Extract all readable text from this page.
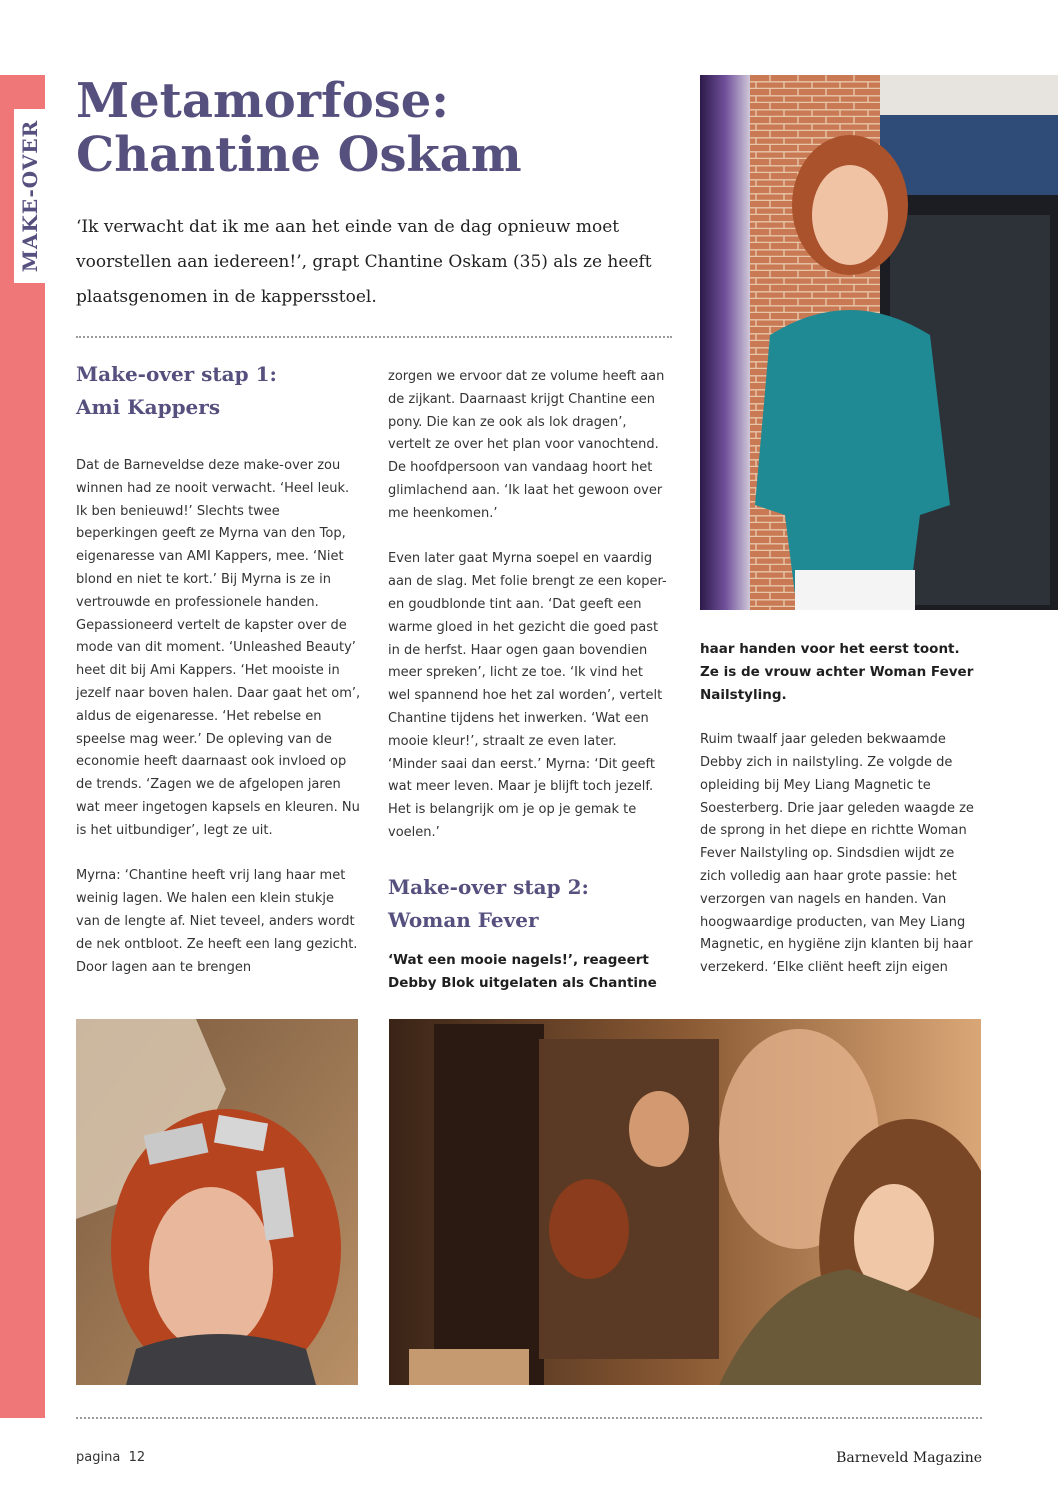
MAKE-OVER
Metamorfose:
Chantine Oskam

‘Ik verwacht dat ik me aan het einde van de dag opnieuw moet voorstellen aan iedereen!’, grapt Chantine Oskam (35) als ze heeft plaatsgenomen in de kappersstoel.

Make-over stap 1:
Ami Kappers

Dat de Barneveldse deze make-over zou winnen had ze nooit verwacht. ‘Heel leuk. Ik ben benieuwd!’ Slechts twee beperkingen geeft ze Myrna van den Top, eigenaresse van AMI Kappers, mee. ‘Niet blond en niet te kort.’ Bij Myrna is ze in vertrouwde en professionele handen. Gepassioneerd vertelt de kapster over de mode van dit moment. ‘Unleashed Beauty’ heet dit bij Ami Kappers. ‘Het mooiste in jezelf naar boven halen. Daar gaat het om’, aldus de eigenaresse. ‘Het rebelse en speelse mag weer.’ De opleving van de economie heeft daarnaast ook invloed op de trends. ‘Zagen we de afgelopen jaren wat meer ingetogen kapsels en kleuren. Nu is het uitbundiger’, legt ze uit.

Myrna: ‘Chantine heeft vrij lang haar met weinig lagen. We halen een klein stukje van de lengte af. Niet teveel, anders wordt de nek ontbloot. Ze heeft een lang gezicht. Door lagen aan te brengen

zorgen we ervoor dat ze volume heeft aan de zijkant. Daarnaast krijgt Chantine een pony. Die kan ze ook als lok dragen’, vertelt ze over het plan voor vanochtend. De hoofdpersoon van vandaag hoort het glimlachend aan. ‘Ik laat het gewoon over me heenkomen.’

Even later gaat Myrna soepel en vaardig aan de slag. Met folie brengt ze een koper- en goudblonde tint aan. ‘Dat geeft een warme gloed in het gezicht die goed past in de herfst. Haar ogen gaan bovendien meer spreken’, licht ze toe. ‘Ik vind het wel spannend hoe het zal worden’, vertelt Chantine tijdens het inwerken. ‘Wat een mooie kleur!’, straalt ze even later. ‘Minder saai dan eerst.’ Myrna: ‘Dit geeft wat meer leven. Maar je blijft toch jezelf. Het is belangrijk om je op je gemak te voelen.’

Make-over stap 2:
Woman Fever

‘Wat een mooie nagels!’, reageert Debby Blok uitgelaten als Chantine

haar handen voor het eerst toont. Ze is de vrouw achter Woman Fever Nailstyling.

Ruim twaalf jaar geleden bekwaamde Debby zich in nailstyling. Ze volgde de opleiding bij Mey Liang Magnetic te Soesterberg. Drie jaar geleden waagde ze de sprong in het diepe en richtte Woman Fever Nailstyling op. Sindsdien wijdt ze zich volledig aan haar grote passie: het verzorgen van nagels en handen. Van hoogwaardige producten, van Mey Liang Magnetic, en hygiëne zijn klanten bij haar verzekerd. ‘Elke cliënt heeft zijn eigen

pagina 12	Barneveld Magazine
